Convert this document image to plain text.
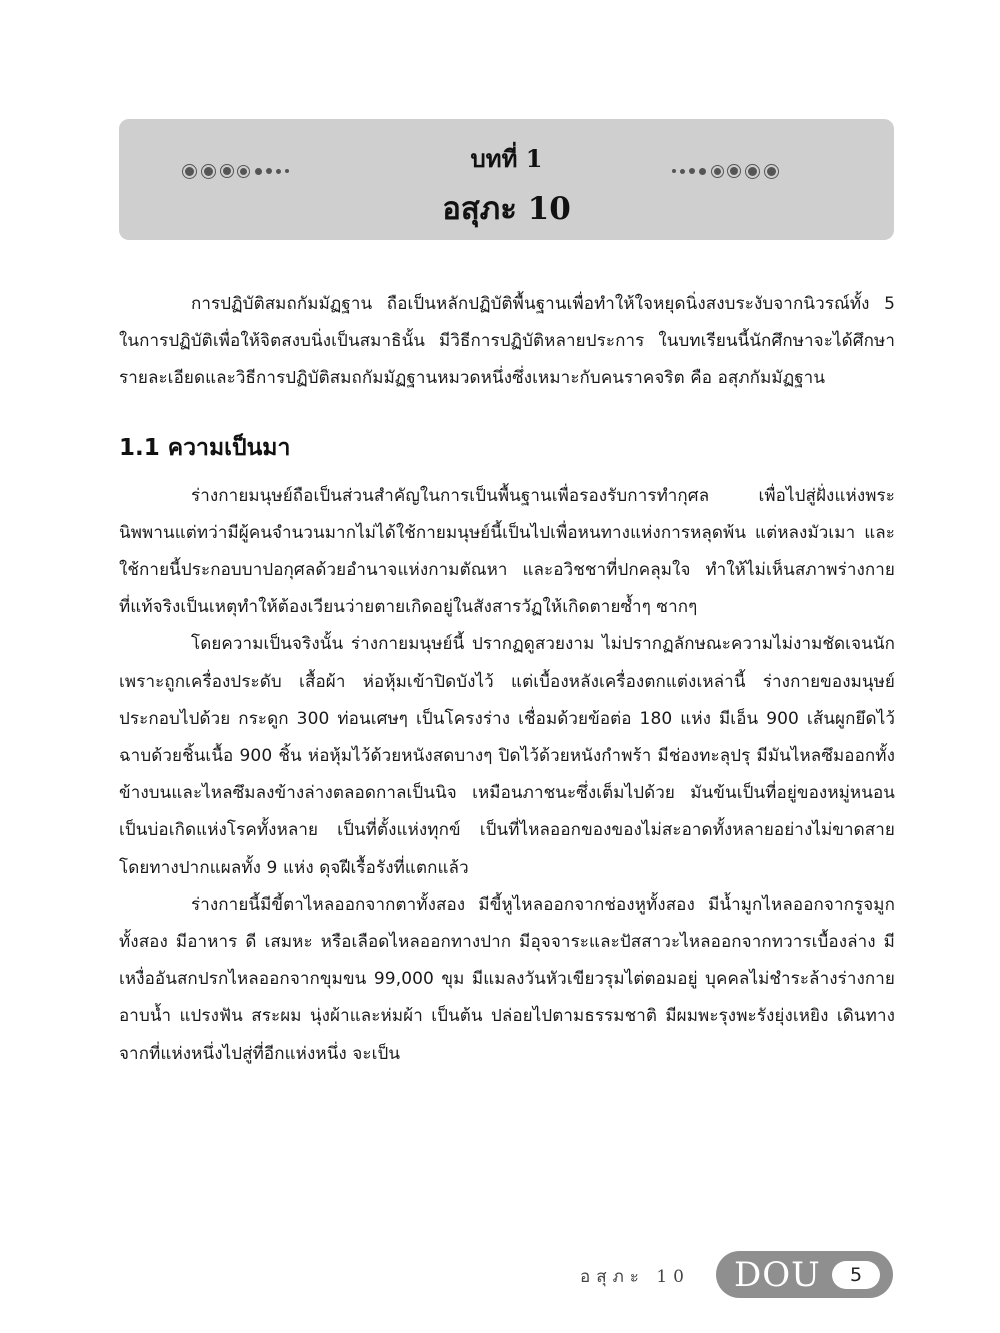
บทที่ 1
อสุภะ 10

การปฏิบัติสมถกัมมัฏฐาน ถือเป็นหลักปฏิบัติพื้นฐานเพื่อทำให้ใจหยุดนิ่งสงบระงับจากนิวรณ์ทั้ง 5 ในการปฏิบัติเพื่อให้จิตสงบนิ่งเป็นสมาธินั้น มีวิธีการปฏิบัติหลายประการ ในบทเรียนนี้นักศึกษาจะได้ศึกษารายละเอียดและวิธีการปฏิบัติสมถกัมมัฏฐานหมวดหนึ่งซึ่งเหมาะกับคนราคจริต คือ อสุภกัมมัฏฐาน

1.1 ความเป็นมา

ร่างกายมนุษย์ถือเป็นส่วนสำคัญในการเป็นพื้นฐานเพื่อรองรับการทำกุศล เพื่อไปสู่ฝั่งแห่งพระนิพพานแต่ทว่ามีผู้คนจำนวนมากไม่ได้ใช้กายมนุษย์นี้เป็นไปเพื่อหนทางแห่งการหลุดพ้น แต่หลงมัวเมา และใช้กายนี้ประกอบบาปอกุศลด้วยอำนาจแห่งกามตัณหา และอวิชชาที่ปกคลุมใจ ทำให้ไม่เห็นสภาพร่างกายที่แท้จริงเป็นเหตุทำให้ต้องเวียนว่ายตายเกิดอยู่ในสังสารวัฏให้เกิดตายซ้ำๆ ซากๆ

โดยความเป็นจริงนั้น ร่างกายมนุษย์นี้ ปรากฏดูสวยงาม ไม่ปรากฏลักษณะความไม่งามชัดเจนนัก เพราะถูกเครื่องประดับ เสื้อผ้า ห่อหุ้มเข้าปิดบังไว้ แต่เบื้องหลังเครื่องตกแต่งเหล่านี้ ร่างกายของมนุษย์ประกอบไปด้วย กระดูก 300 ท่อนเศษๆ เป็นโครงร่าง เชื่อมด้วยข้อต่อ 180 แห่ง มีเอ็น 900 เส้นผูกยึดไว้ฉาบด้วยชิ้นเนื้อ 900 ชิ้น ห่อหุ้มไว้ด้วยหนังสดบางๆ ปิดไว้ด้วยหนังกำพร้า มีช่องทะลุปรุ มีมันไหลซึมออกทั้งข้างบนและไหลซึมลงข้างล่างตลอดกาลเป็นนิจ เหมือนภาชนะซึ่งเต็มไปด้วย มันข้นเป็นที่อยู่ของหมู่หนอน เป็นบ่อเกิดแห่งโรคทั้งหลาย เป็นที่ตั้งแห่งทุกข์ เป็นที่ไหลออกของของไม่สะอาดทั้งหลายอย่างไม่ขาดสาย โดยทางปากแผลทั้ง 9 แห่ง ดุจฝีเรื้อรังที่แตกแล้ว

ร่างกายนี้มีขี้ตาไหลออกจากตาทั้งสอง มีขี้หูไหลออกจากช่องหูทั้งสอง มีน้ำมูกไหลออกจากรูจมูกทั้งสอง มีอาหาร ดี เสมหะ หรือเลือดไหลออกทางปาก มีอุจจาระและปัสสาวะไหลออกจากทวารเบื้องล่าง มีเหงื่ออันสกปรกไหลออกจากขุมขน 99,000 ขุม มีแมลงวันหัวเขียวรุมไต่ตอมอยู่ บุคคลไม่ชำระล้างร่างกาย อาบน้ำ แปรงฟัน สระผม นุ่งผ้าและห่มผ้า เป็นต้น ปล่อยไปตามธรรมชาติ มีผมพะรุงพะรังยุ่งเหยิง เดินทางจากที่แห่งหนึ่งไปสู่ที่อีกแห่งหนึ่ง จะเป็น

อสุภะ 10 DOU	5
